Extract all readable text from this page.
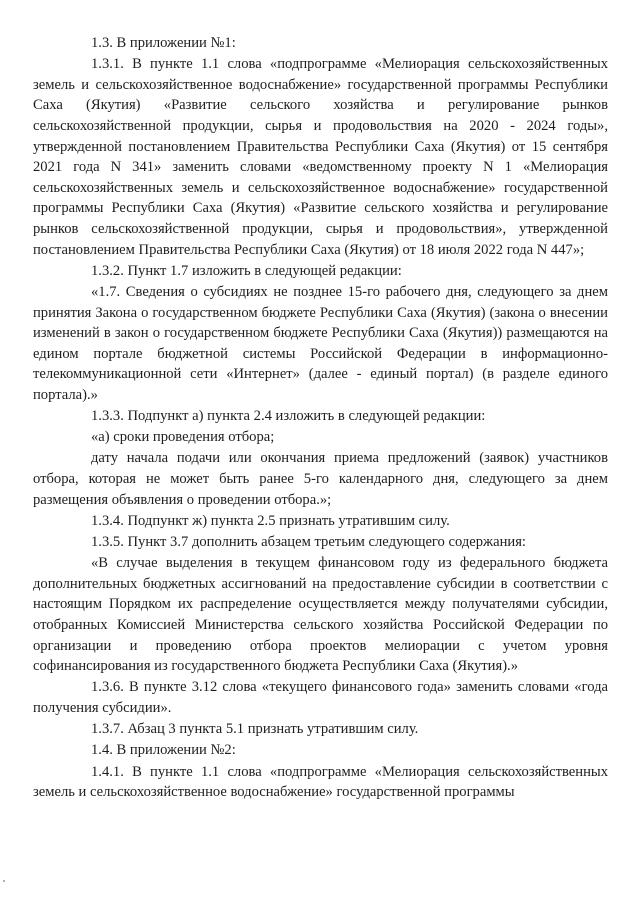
1.3. В приложении №1:

1.3.1. В пункте 1.1 слова «подпрограмме «Мелиорация сельскохозяйственных земель и сельскохозяйственное водоснабжение» государственной программы Республики Саха (Якутия) «Развитие сельского хозяйства и регулирование рынков сельскохозяйственной продукции, сырья и продовольствия на 2020 - 2024 годы», утвержденной постановлением Правительства Республики Саха (Якутия) от 15 сентября 2021 года N 341» заменить словами «ведомственному проекту N 1 «Мелиорация сельскохозяйственных земель и сельскохозяйственное водоснабжение» государственной программы Республики Саха (Якутия) «Развитие сельского хозяйства и регулирование рынков сельскохозяйственной продукции, сырья и продовольствия», утвержденной постановлением Правительства Республики Саха (Якутия) от 18 июля 2022 года N 447»;

1.3.2. Пункт 1.7 изложить в следующей редакции:

«1.7. Сведения о субсидиях не позднее 15-го рабочего дня, следующего за днем принятия Закона о государственном бюджете Республики Саха (Якутия) (закона о внесении изменений в закон о государственном бюджете Республики Саха (Якутия)) размещаются на едином портале бюджетной системы Российской Федерации в информационно-телекоммуникационной сети «Интернет» (далее - единый портал) (в разделе единого портала).»

1.3.3. Подпункт а) пункта 2.4 изложить в следующей редакции:

«а) сроки проведения отбора;

дату начала подачи или окончания приема предложений (заявок) участников отбора, которая не может быть ранее 5-го календарного дня, следующего за днем размещения объявления о проведении отбора.»;

1.3.4. Подпункт ж) пункта 2.5 признать утратившим силу.

1.3.5. Пункт 3.7 дополнить абзацем третьим следующего содержания:

«В случае выделения в текущем финансовом году из федерального бюджета дополнительных бюджетных ассигнований на предоставление субсидии в соответствии с настоящим Порядком их распределение осуществляется между получателями субсидии, отобранных Комиссией Министерства сельского хозяйства Российской Федерации по организации и проведению отбора проектов мелиорации с учетом уровня софинансирования из государственного бюджета Республики Саха (Якутия).»

1.3.6. В пункте 3.12 слова «текущего финансового года» заменить словами «года получения субсидии».

1.3.7. Абзац 3 пункта 5.1 признать утратившим силу.

1.4. В приложении №2:

1.4.1. В пункте 1.1 слова «подпрограмме «Мелиорация сельскохозяйственных земель и сельскохозяйственное водоснабжение» государственной программы
